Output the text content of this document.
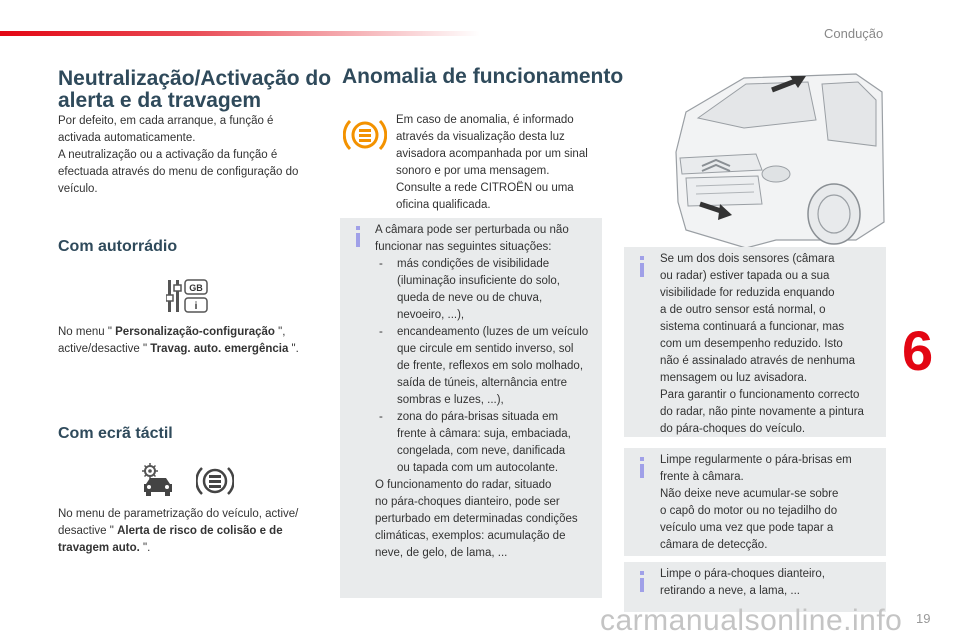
Condução
Neutralização/Activação do
alerta e da travagem

Por defeito, em cada arranque, a função é

activada automaticamente.

A neutralização ou a activação da função é

efectuada através do menu de configuração do

veículo.

Com autorrádio
GB
i

No menu " Personalização-configuração ",

active/desactive " Travag. auto. emergência ".

Com ecrã táctil

No menu de parametrização do veículo, active/

desactive " Alerta de risco de colisão e de

travagem auto. ".

Anomalia de funcionamento

Em caso de anomalia, é informado

através da visualização desta luz

avisadora acompanhada por um sinal

sonoro e por uma mensagem.

Consulte a rede CITROËN ou uma

oficina qualificada.

A câmara pode ser perturbada ou não

funcionar nas seguintes situações:

- más condições de visibilidade
(iluminação insuficiente do solo,
queda de neve ou de chuva,
nevoeiro, ...),
- encandeamento (luzes de um veículo
que circule em sentido inverso, sol
de frente, reflexos em solo molhado,
saída de túneis, alternância entre
sombras e luzes, ...),
- zona do pára-brisas situada em
frente à câmara: suja, embaciada,
congelada, com neve, danificada
ou tapada com um autocolante.

O funcionamento do radar, situado

no pára-choques dianteiro, pode ser

perturbado em determinadas condições

climáticas, exemplos: acumulação de

neve, de gelo, de lama, ...

Se um dos dois sensores (câmara

ou radar) estiver tapada ou a sua

visibilidade for reduzida enquando

a de outro sensor está normal, o

sistema continuará a funcionar, mas

com um desempenho reduzido. Isto

não é assinalado através de nenhuma

mensagem ou luz avisadora.

Para garantir o funcionamento correcto

do radar, não pinte novamente a pintura

do pára-choques do veículo.

Limpe regularmente o pára-brisas em

frente à câmara.

Não deixe neve acumular-se sobre

o capô do motor ou no tejadilho do

veículo uma vez que pode tapar a

câmara de detecção.

Limpe o pára-choques dianteiro,

retirando a neve, a lama, ...

6
carmanualsonline.info 19
